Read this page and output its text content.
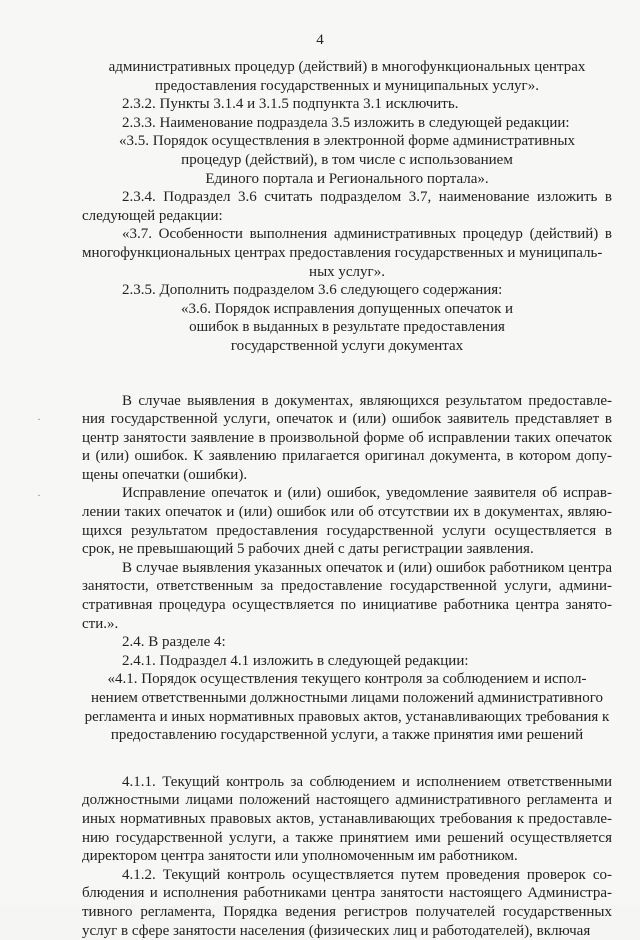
4

административных процедур (действий) в многофункциональных центрах

предоставления государственных и муниципальных услуг».

2.3.2. Пункты 3.1.4 и 3.1.5 подпункта 3.1 исключить.

2.3.3. Наименование подраздела 3.5 изложить в следующей редакции:

«3.5. Порядок осуществления в электронной форме административных

процедур (действий), в том числе с использованием

Единого портала и Регионального портала».

2.3.4. Подраздел 3.6 считать подразделом 3.7, наименование изложить в следующей редакции:

«3.7. Особенности выполнения административных процедур (действий) в многофункциональных центрах предоставления государственных и муниципаль-

ных услуг».

2.3.5. Дополнить подразделом 3.6 следующего содержания:

«3.6. Порядок исправления допущенных опечаток и

ошибок в выданных в результате предоставления

государственной услуги документах

В случае выявления в документах, являющихся результатом предоставле-ния государственной услуги, опечаток и (или) ошибок заявитель представляет в центр занятости заявление в произвольной форме об исправлении таких опечаток и (или) ошибок. К заявлению прилагается оригинал документа, в котором допу-щены опечатки (ошибки).

Исправление опечаток и (или) ошибок, уведомление заявителя об исправ-лении таких опечаток и (или) ошибок или об отсутствии их в документах, являю-щихся результатом предоставления государственной услуги осуществляется в срок, не превышающий 5 рабочих дней с даты регистрации заявления.

В случае выявления указанных опечаток и (или) ошибок работником центра занятости, ответственным за предоставление государственной услуги, админи-стративная процедура осуществляется по инициативе работника центра занято-сти.».

2.4. В разделе 4:

2.4.1. Подраздел 4.1 изложить в следующей редакции:

«4.1. Порядок осуществления текущего контроля за соблюдением и испол-

нением ответственными должностными лицами положений административного

регламента и иных нормативных правовых актов, устанавливающих требования к

предоставлению государственной услуги, а также принятия ими решений

4.1.1. Текущий контроль за соблюдением и исполнением ответственными должностными лицами положений настоящего административного регламента и иных нормативных правовых актов, устанавливающих требования к предоставле-нию государственной услуги, а также принятием ими решений осуществляется директором центра занятости или уполномоченным им работником.

4.1.2. Текущий контроль осуществляется путем проведения проверок со-блюдения и исполнения работниками центра занятости настоящего Администра-тивного регламента, Порядка ведения регистров получателей государственных услуг в сфере занятости населения (физических лиц и работодателей), включая

·
·
